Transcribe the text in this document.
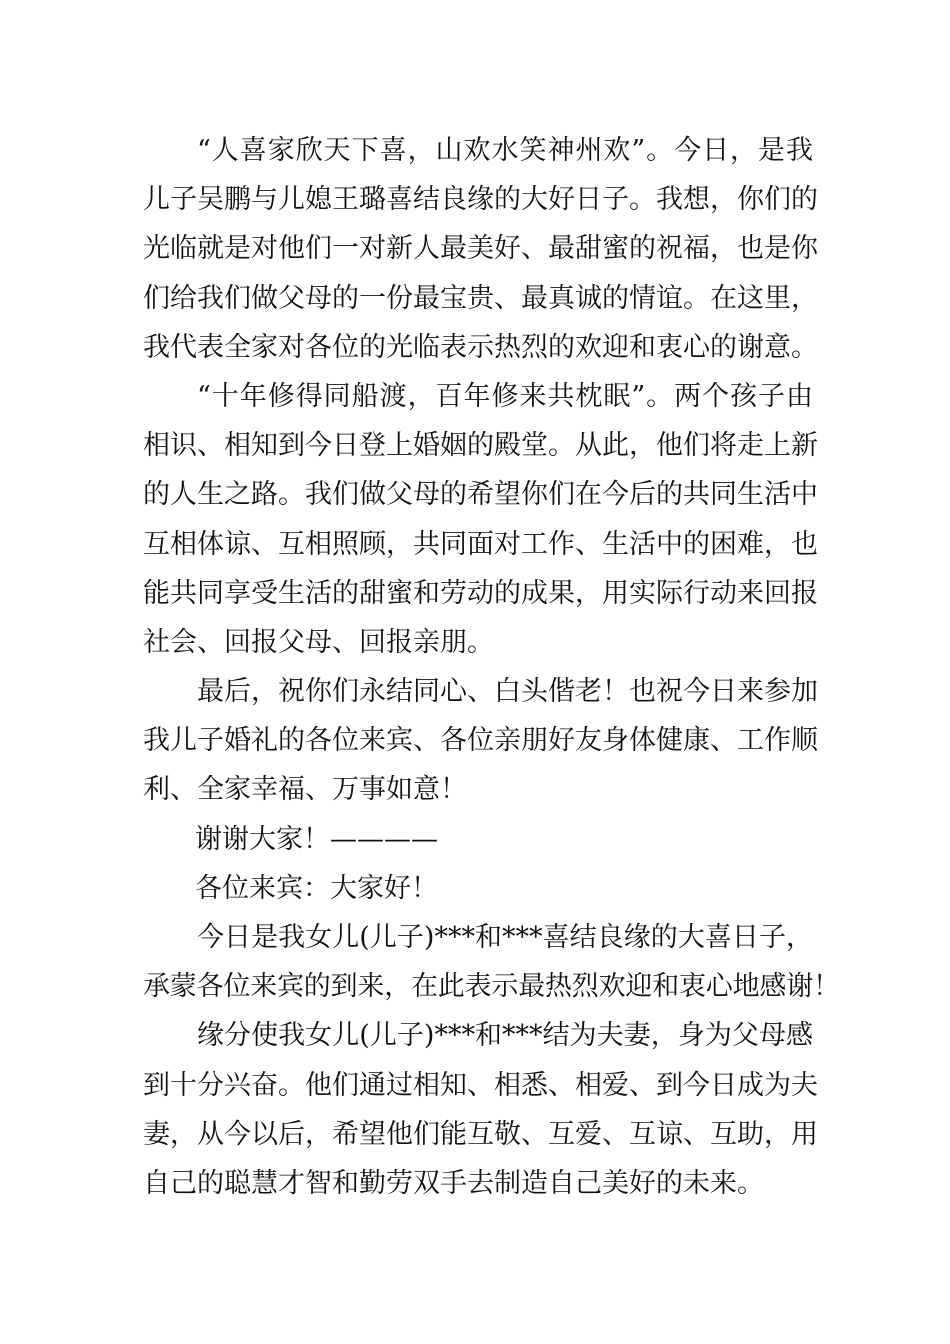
“人喜家欣天下喜，山欢水笑神州欢”。今日，是我
儿子吴鹏与儿媳王璐喜结良缘的大好日子。我想，你们的
光临就是对他们一对新人最美好、最甜蜜的祝福，也是你
们给我们做父母的一份最宝贵、最真诚的情谊。在这里，
我代表全家对各位的光临表示热烈的欢迎和衷心的谢意。
“十年修得同船渡，百年修来共枕眠”。两个孩子由
相识、相知到今日登上婚姻的殿堂。从此，他们将走上新
的人生之路。我们做父母的希望你们在今后的共同生活中
互相体谅、互相照顾，共同面对工作、生活中的困难，也
能共同享受生活的甜蜜和劳动的成果，用实际行动来回报
社会、回报父母、回报亲朋。
最后，祝你们永结同心、白头偕老！也祝今日来参加
我儿子婚礼的各位来宾、各位亲朋好友身体健康、工作顺
利、全家幸福、万事如意！
谢谢大家！————
各位来宾：大家好！
今日是我女儿(儿子)***和***喜结良缘的大喜日子，
承蒙各位来宾的到来，在此表示最热烈欢迎和衷心地感谢！
缘分使我女儿(儿子)***和***结为夫妻，身为父母感
到十分兴奋。他们通过相知、相悉、相爱、到今日成为夫
妻，从今以后，希望他们能互敬、互爱、互谅、互助，用
自己的聪慧才智和勤劳双手去制造自己美好的未来。
